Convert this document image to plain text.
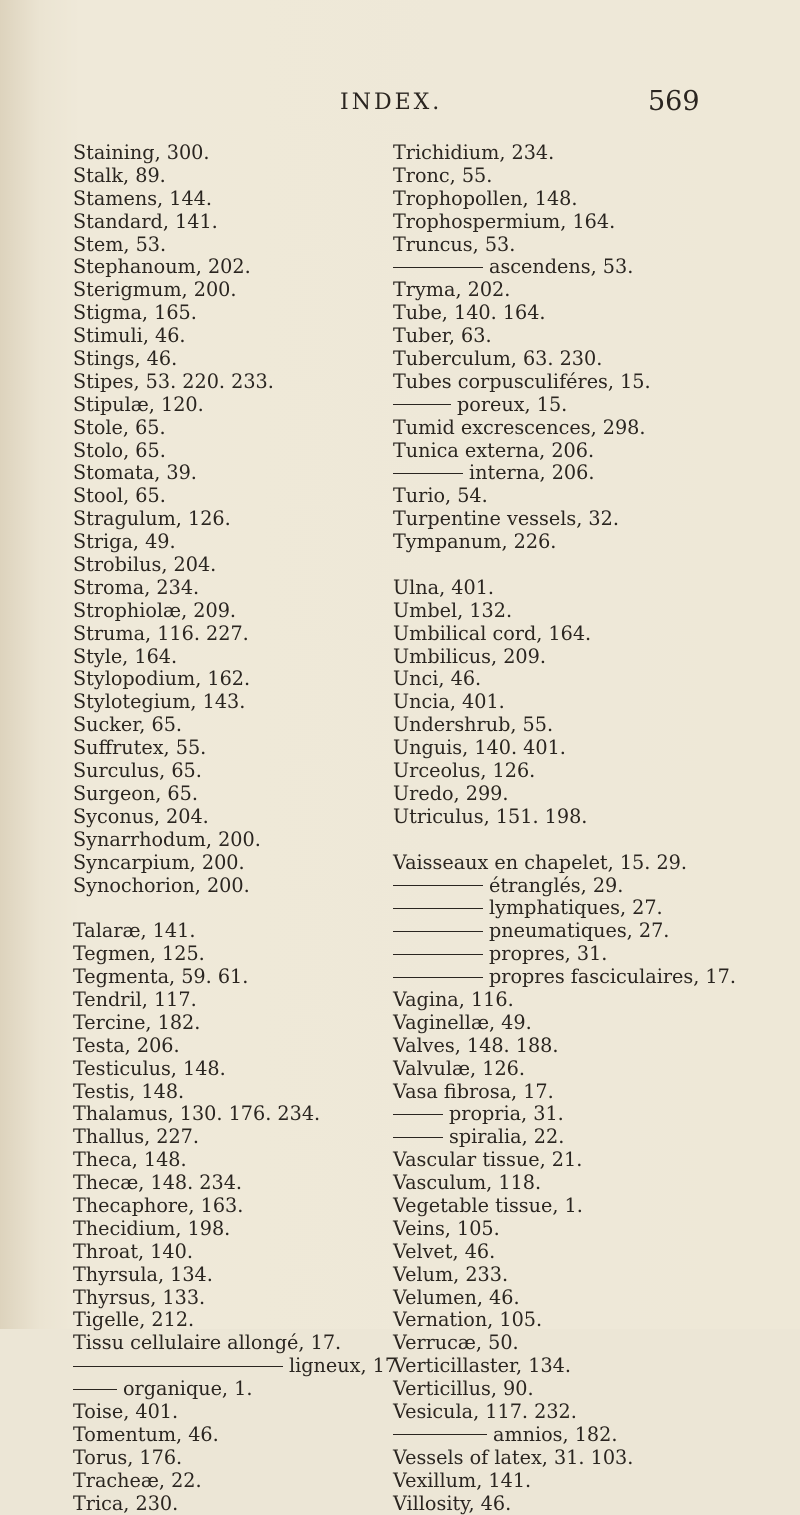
INDEX.	569
Staining, 300.
Stalk, 89.
Stamens, 144.
Standard, 141.
Stem, 53.
Stephanoum, 202.
Sterigmum, 200.
Stigma, 165.
Stimuli, 46.
Stings, 46.
Stipes, 53. 220. 233.
Stipulæ, 120.
Stole, 65.
Stolo, 65.
Stomata, 39.
Stool, 65.
Stragulum, 126.
Striga, 49.
Strobilus, 204.
Stroma, 234.
Strophiolæ, 209.
Struma, 116. 227.
Style, 164.
Stylopodium, 162.
Stylotegium, 143.
Sucker, 65.
Suffrutex, 55.
Surculus, 65.
Surgeon, 65.
Syconus, 204.
Synarrhodum, 200.
Syncarpium, 200.
Synochorion, 200.
Talaræ, 141.
Tegmen, 125.
Tegmenta, 59. 61.
Tendril, 117.
Tercine, 182.
Testa, 206.
Testiculus, 148.
Testis, 148.
Thalamus, 130. 176. 234.
Thallus, 227.
Theca, 148.
Thecæ, 148. 234.
Thecaphore, 163.
Thecidium, 198.
Throat, 140.
Thyrsula, 134.
Thyrsus, 133.
Tigelle, 212.
Tissu cellulaire allongé, 17.
ligneux, 17.
organique, 1.
Toise, 401.
Tomentum, 46.
Torus, 176.
Tracheæ, 22.
Trica, 230.
Trichidium, 234.
Tronc, 55.
Trophopollen, 148.
Trophospermium, 164.
Truncus, 53.
ascendens, 53.
Tryma, 202.
Tube, 140. 164.
Tuber, 63.
Tuberculum, 63. 230.
Tubes corpusculiféres, 15.
poreux, 15.
Tumid excrescences, 298.
Tunica externa, 206.
interna, 206.
Turio, 54.
Turpentine vessels, 32.
Tympanum, 226.
Ulna, 401.
Umbel, 132.
Umbilical cord, 164.
Umbilicus, 209.
Unci, 46.
Uncia, 401.
Undershrub, 55.
Unguis, 140. 401.
Urceolus, 126.
Uredo, 299.
Utriculus, 151. 198.
Vaisseaux en chapelet, 15. 29.
étranglés, 29.
lymphatiques, 27.
pneumatiques, 27.
propres, 31.
propres fasciculaires, 17.
Vagina, 116.
Vaginellæ, 49.
Valves, 148. 188.
Valvulæ, 126.
Vasa fibrosa, 17.
propria, 31.
spiralia, 22.
Vascular tissue, 21.
Vasculum, 118.
Vegetable tissue, 1.
Veins, 105.
Velvet, 46.
Velum, 233.
Velumen, 46.
Vernation, 105.
Verrucæ, 50.
Verticillaster, 134.
Verticillus, 90.
Vesicula, 117. 232.
amnios, 182.
Vessels of latex, 31. 103.
Vexillum, 141.
Villosity, 46.
